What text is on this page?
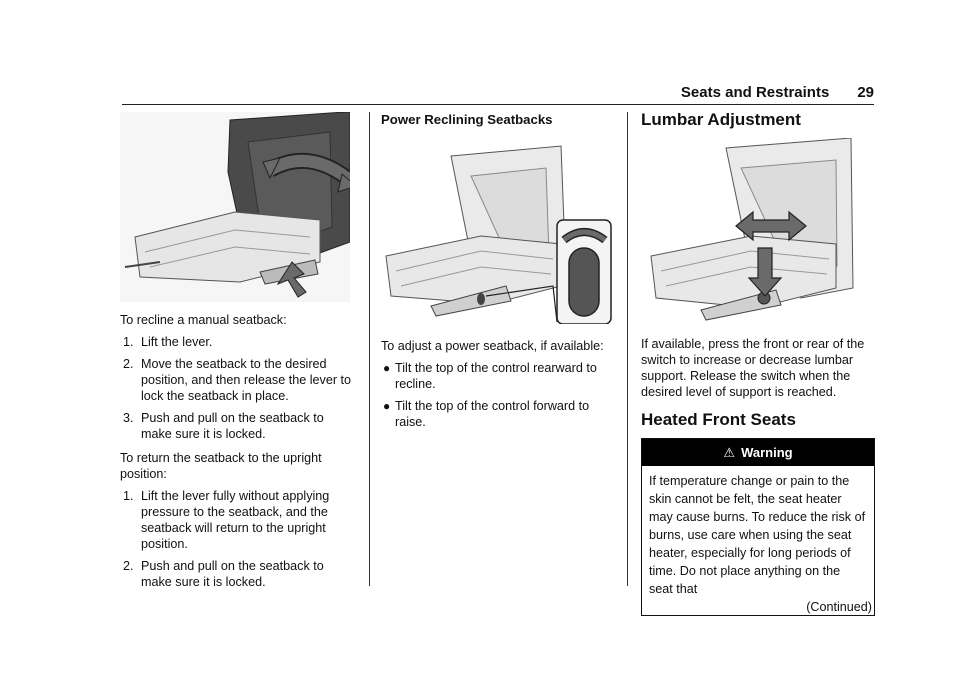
Seats and Restraints 29

To recline a manual seatback:

1. Lift the lever.
2. Move the seatback to the desired position, and then release the lever to lock the seatback in place.
3. Push and pull on the seatback to make sure it is locked.

To return the seatback to the upright position:

1. Lift the lever fully without applying pressure to the seatback, and the seatback will return to the upright position.
2. Push and pull on the seatback to make sure it is locked.
Power Reclining Seatbacks

To adjust a power seatback, if available:

● Tilt the top of the control rearward to recline.
● Tilt the top of the control forward to raise.
Lumbar Adjustment

If available, press the front or rear of the switch to increase or decrease lumbar support. Release the switch when the desired level of support is reached.

Heated Front Seats
⚠ Warning
If temperature change or pain to the skin cannot be felt, the seat heater may cause burns. To reduce the risk of burns, use care when using the seat heater, especially for long periods of time. Do not place anything on the seat that
(Continued)
